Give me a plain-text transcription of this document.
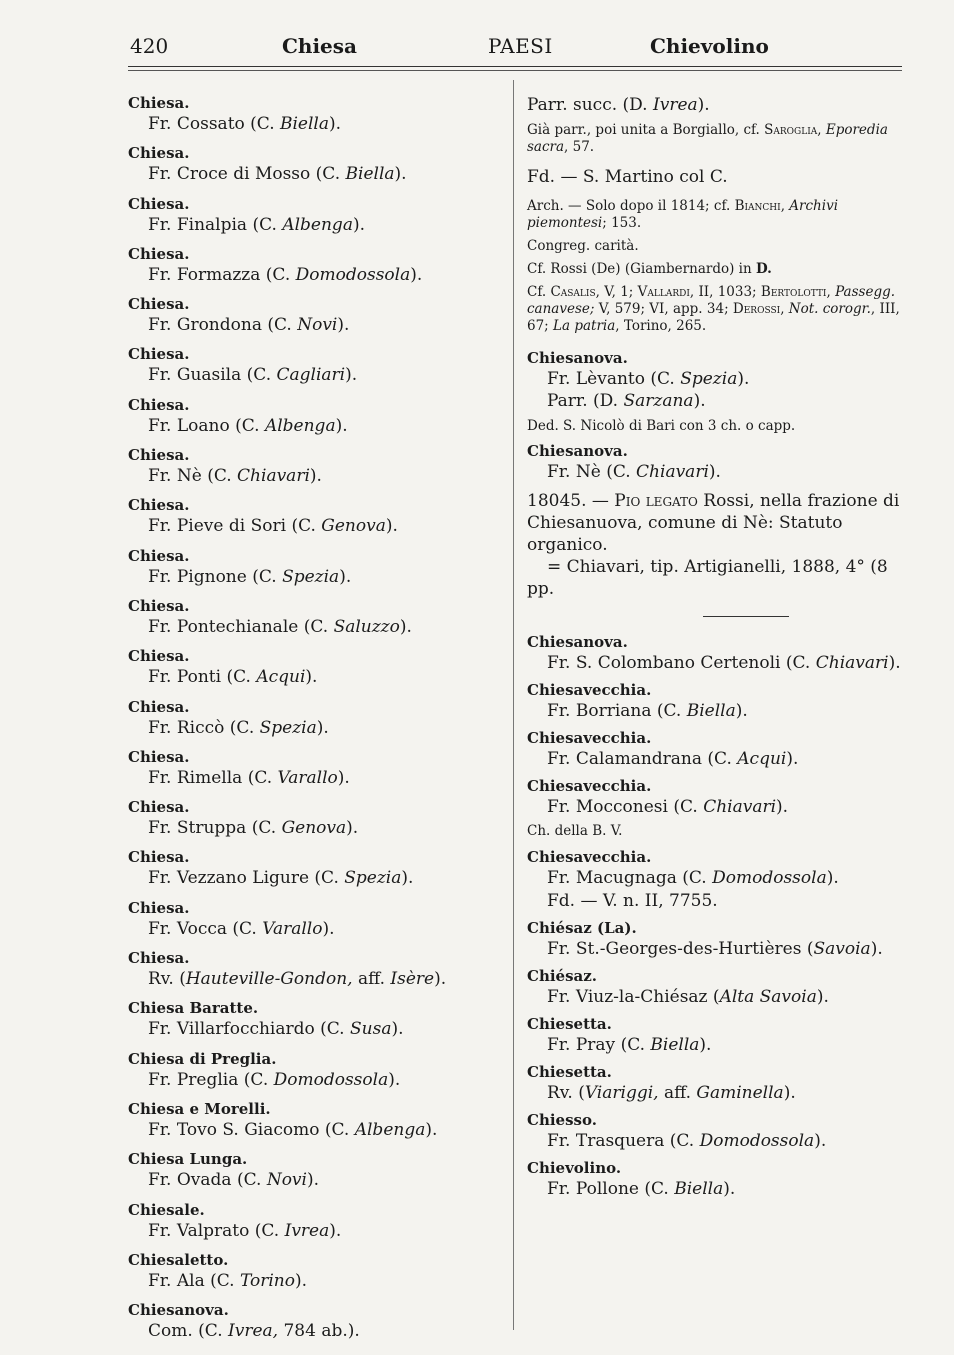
420	Chiesa	PAESI	Chievolino
Chiesa.
Fr. Cossato (C. Biella).
Chiesa.
Fr. Croce di Mosso (C. Biella).
Chiesa.
Fr. Finalpia (C. Albenga).
Chiesa.
Fr. Formazza (C. Domodossola).
Chiesa.
Fr. Grondona (C. Novi).
Chiesa.
Fr. Guasila (C. Cagliari).
Chiesa.
Fr. Loano (C. Albenga).
Chiesa.
Fr. Nè (C. Chiavari).
Chiesa.
Fr. Pieve di Sori (C. Genova).
Chiesa.
Fr. Pignone (C. Spezia).
Chiesa.
Fr. Pontechianale (C. Saluzzo).
Chiesa.
Fr. Ponti (C. Acqui).
Chiesa.
Fr. Riccò (C. Spezia).
Chiesa.
Fr. Rimella (C. Varallo).
Chiesa.
Fr. Struppa (C. Genova).
Chiesa.
Fr. Vezzano Ligure (C. Spezia).
Chiesa.
Fr. Vocca (C. Varallo).
Chiesa.
Rv. (Hauteville-Gondon, aff. Isère).
Chiesa Baratte.
Fr. Villarfocchiardo (C. Susa).
Chiesa di Preglia.
Fr. Preglia (C. Domodossola).
Chiesa e Morelli.
Fr. Tovo S. Giacomo (C. Albenga).
Chiesa Lunga.
Fr. Ovada (C. Novi).
Chiesale.
Fr. Valprato (C. Ivrea).
Chiesaletto.
Fr. Ala (C. Torino).
Chiesanova.
Com. (C. Ivrea, 784 ab.).
Parr. succ. (D. Ivrea).
Già parr., poi unita a Borgiallo, cf. Saroglia, Eporedia sacra, 57.
Fd. — S. Martino col C.
Arch. — Solo dopo il 1814; cf. Bianchi, Archivi piemontesi; 153.
Congreg. carità.
Cf. Rossi (De) (Giambernardo) in D.
Cf. Casalis, V, 1; Vallardi, II, 1033; Bertolotti, Passegg. canavese; V, 579; VI, app. 34; Derossi, Not. corogr., III, 67; La patria, Torino, 265.
Chiesanova.
Fr. Lèvanto (C. Spezia).
Parr. (D. Sarzana).
Ded. S. Nicolò di Bari con 3 ch. o capp.
Chiesanova.
Fr. Nè (C. Chiavari).
18045. — Pio legato Rossi, nella frazione di Chiesanuova, comune di Nè: Statuto organico.
= Chiavari, tip. Artigianelli, 1888, 4° (8 pp.
Chiesanova.
Fr. S. Colombano Certenoli (C. Chiavari).
Chiesavecchia.
Fr. Borriana (C. Biella).
Chiesavecchia.
Fr. Calamandrana (C. Acqui).
Chiesavecchia.
Fr. Mocconesi (C. Chiavari).
Ch. della B. V.
Chiesavecchia.
Fr. Macugnaga (C. Domodossola).
Fd. — V. n. II, 7755.
Chiésaz (La).
Fr. St.-Georges-des-Hurtières (Savoia).
Chiésaz.
Fr. Viuz-la-Chiésaz (Alta Savoia).
Chiesetta.
Fr. Pray (C. Biella).
Chiesetta.
Rv. (Viariggi, aff. Gaminella).
Chiesso.
Fr. Trasquera (C. Domodossola).
Chievolino.
Fr. Pollone (C. Biella).
